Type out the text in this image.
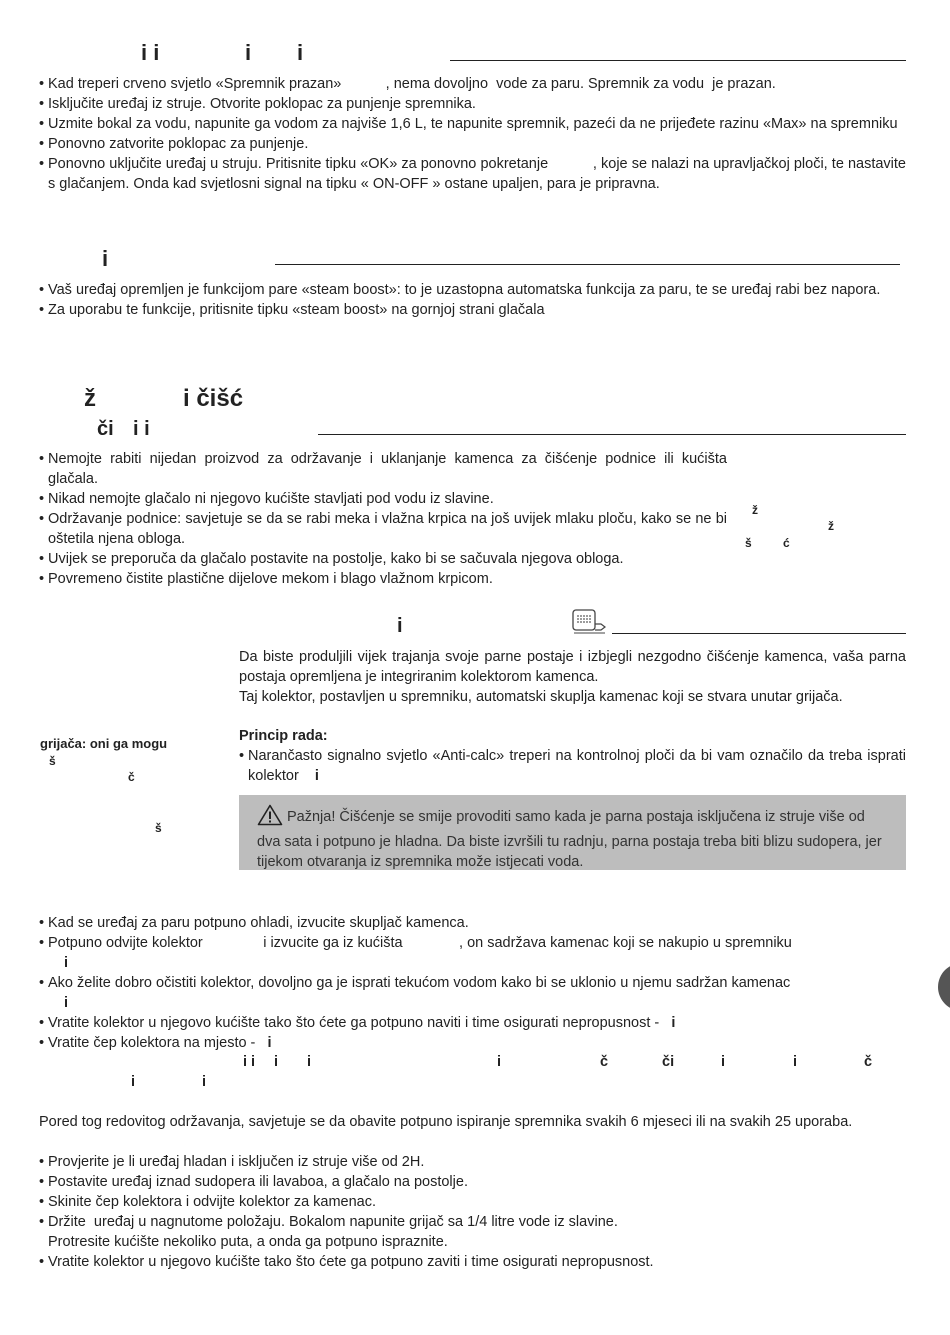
i i	i i
• Kad treperi crveno svjetlo «Spremnik prazan»           , nema dovoljno  vode za paru. Spremnik za vodu  je prazan.
• Isključite uređaj iz struje. Otvorite poklopac za punjenje spremnika.
• Uzmite bokal za vodu, napunite ga vodom za najviše 1,6 L, te napunite spremnik, pazeći da ne prijeđete razinu «Max» na spremniku
• Ponovno zatvorite poklopac za punjenje.
• Ponovno uključite uređaj u struju. Pritisnite tipku «OK» za ponovno pokretanje           , koje se nalazi na upravljačkoj ploči, te nastavite s glačanjem. Onda kad svjetlosni signal na tipku « ON-OFF » ostane upaljen, para je pripravna.
i
• Vaš uređaj opremljen je funkcijom pare «steam boost»: to je uzastopna automatska funkcija za paru, te se uređaj rabi bez napora.
• Za uporabu te funkcije, pritisnite tipku «steam boost» na gornjoj strani glačala
ž	i čišć
či i i
• Nemojte rabiti nijedan proizvod za održavanje i uklanjanje kamenca za čišćenje podnice ili kućišta glačala.
• Nikad nemojte glačalo ni njegovo kućište stavljati pod vodu iz slavine.
• Održavanje podnice: savjetuje se da se rabi meka i vlažna krpica na još uvijek mlaku ploču, kako se ne bi oštetila njena obloga.
• Uvijek se preporuča da glačalo postavite na postolje, kako bi se sačuvala njegova obloga.
• Povremeno čistite plastične dijelove mekom i blago vlažnom krpicom.
ž
ž
š	ć
i

Da biste produljili vijek trajanja svoje parne postaje i izbjegli nezgodno čišćenje kamenca, vaša parna postaja opremljena je integriranim kolektorom kamenca.

Taj kolektor, postavljen u spremniku, automatski skuplja kamenac koji se stvara unutar grijača.

Princip rada:
• Narančasto signalno svjetlo «Anti-calc» treperi na kontrolnoj ploči da bi vam označilo da treba isprati kolektor i
grijača: oni ga mogu
š
č
š
Pažnja! Čišćenje se smije provoditi samo kada je parna postaja isključena iz struje više od dva sata i potpuno je hladna. Da biste izvršili tu radnju, parna postaja treba biti blizu sudopera, jer tijekom otvaranja iz spremnika može istjecati voda.
• Kad se uređaj za paru potpuno ohladi, izvucite skupljač kamenca.
• Potpuno odvijte kolektor               i izvucite ga iz kućišta              , on sadržava kamenac koji se nakupio u spremniku
i
• Ako želite dobro očistiti kolektor, dovoljno ga je isprati tekućom vodom kako bi se uklonio u njemu sadržan kamenac
i
• Vratite kolektor u njegovo kućište tako što ćete ga potpuno naviti i time osigurati nepropusnost - i
• Vratite čep kolektora na mjesto - i
i i i i	i	č	či	i	i	č
i	i

Pored tog redovitog održavanja, savjetuje se da obavite potpuno ispiranje spremnika svakih 6 mjeseci ili na svakih 25 uporaba.

• Provjerite je li uređaj hladan i isključen iz struje više od 2H.
• Postavite uređaj iznad sudopera ili lavaboa, a glačalo na postolje.
• Skinite čep kolektora i odvijte kolektor za kamenac.
• Držite  uređaj u nagnutome položaju. Bokalom napunite grijač sa 1/4 litre vode iz slavine.
Protresite kućište nekoliko puta, a onda ga potpuno ispraznite.
• Vratite kolektor u njegovo kućište tako što ćete ga potpuno zaviti i time osigurati nepropusnost.
